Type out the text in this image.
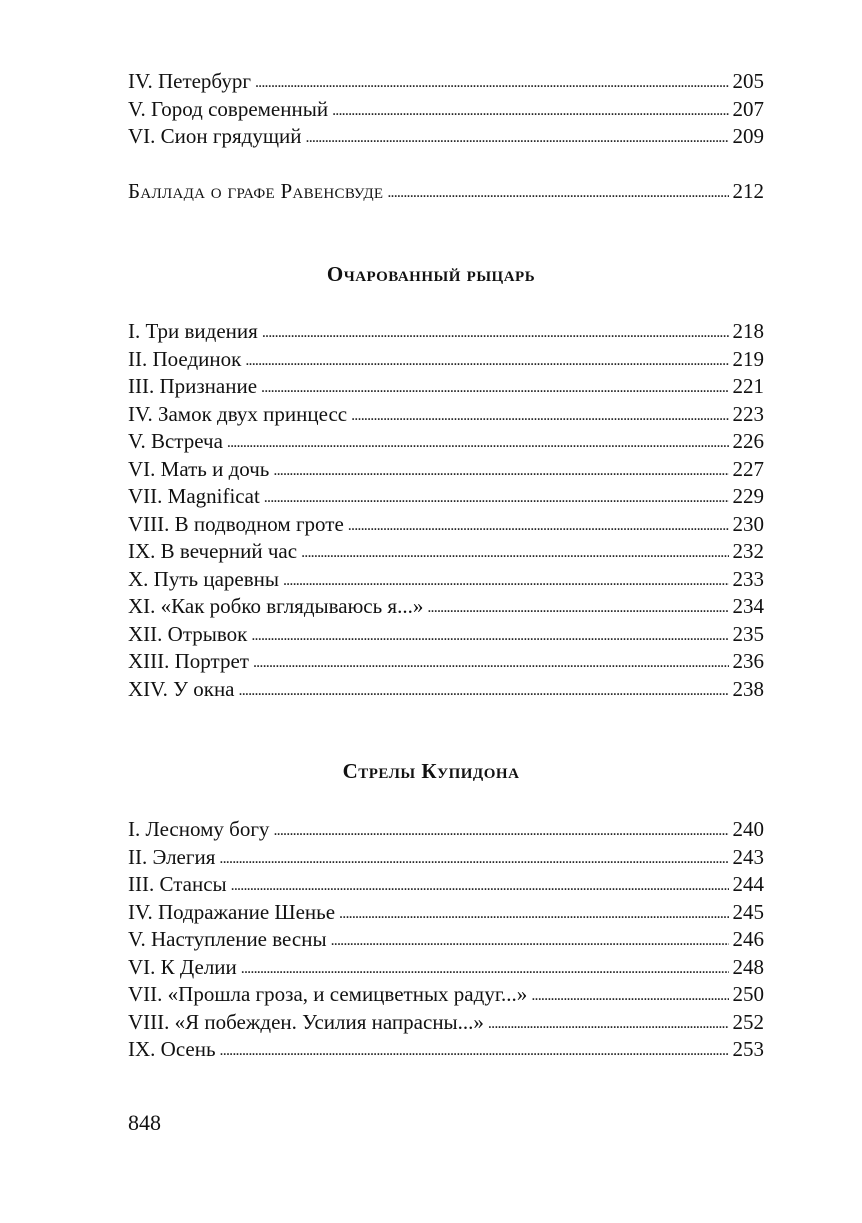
IV. Петербург . . .	205
V. Город современный . . .	207
VI. Сион грядущий . . .	209
Баллада о графе Равенсвуде . . .	212
Очарованный рыцарь
I. Три видения . . .	218
II. Поединок . . .	219
III. Признание . . .	221
IV. Замок двух принцесс . . .	223
V. Встреча . . .	226
VI. Мать и дочь . . .	227
VII. Magnificat . . .	229
VIII. В подводном гроте . . .	230
IX. В вечерний час . . .	232
X. Путь царевны . . .	233
XI. «Как робко вглядываюсь я...» . . .	234
XII. Отрывок . . .	235
XIII. Портрет . . .	236
XIV. У окна . . .	238
Стрелы Купидона
I. Лесному богу . . .	240
II. Элегия . . .	243
III. Стансы . . .	244
IV. Подражание Шенье . . .	245
V. Наступление весны . . .	246
VI. К Делии . . .	248
VII. «Прошла гроза, и семицветных радуг...» . . .	250
VIII. «Я побежден. Усилия напрасны...» . . .	252
IX. Осень . . .	253
848
